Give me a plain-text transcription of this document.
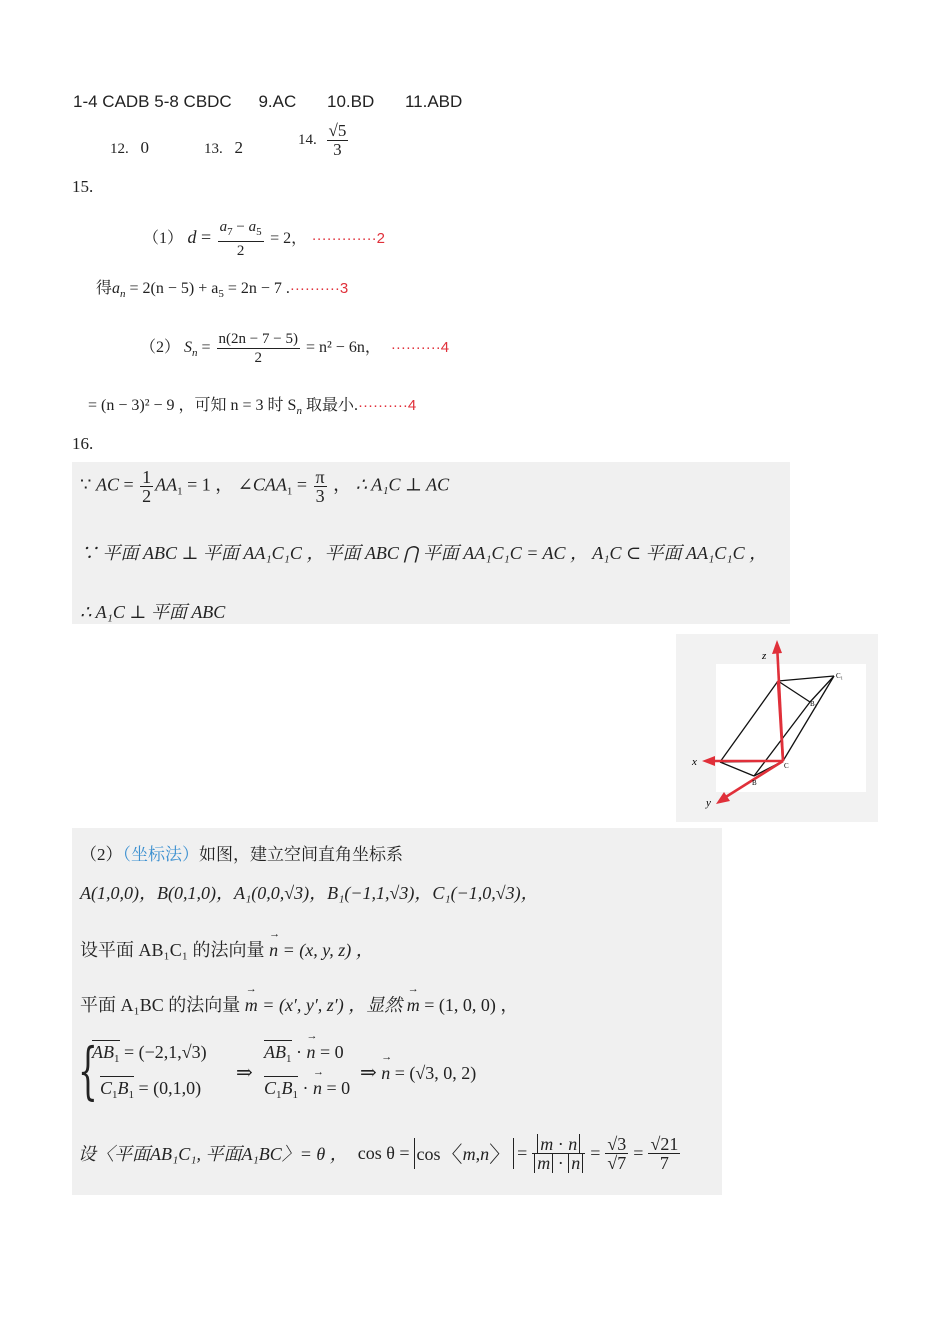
1-4 CADB 5-8 CBDC 9.AC 10.BD 11.ABD
12. 0	13. 2	14. $\frac{√5}{3}$
15.
（1） $d = \frac{a_7 - a_5}{2} = 2$， ·············2
得$a_n = 2(n - 5) + a_5 = 2n - 7$ .··········3
（2） $S_n = \frac{n(2n - 7 - 5)}{2} = n^2 - 6n$， ··········4
= (n − 3)² − 9 ，可知 n = 3 时 $S_n$ 取最小.··········4
16.
∵ AC = $\frac{1}{2} AA_1 = 1$ ， $\angle CAA_1 = \frac{\pi}{3}$ ， ∴ A₁C ⊥ AC
∵ 平面 ABC ⊥ 平面 AA₁C₁C ，平面 ABC ⋂ 平面 AA₁C₁C = AC ， A₁C ⊂ 平面 AA₁C₁C ，
∴ A₁C ⊥ 平面 ABC
z
x
y
C₁
B₁
C
B
（2）（坐标法）如图，建立空间直角坐标系
A(1,0,0)，B(0,1,0)，A₁(0,0,√3)，B₁(−1,1,√3)，C₁(−1,0,√3)，
设平面 AB₁C₁ 的法向量 n
→
= (x, y, z) ，
平面 A₁BC 的法向量 m
→
= (x′, y′, z′) ，显然 m
→
= (1, 0, 0) ，
{
$AB_1 = (-2,1,√3)$
$C_1B_1 = (0,1,0)$
⇒
$AB_1 \cdot n$
→
= 0
$C_1B_1 \cdot n$
→
= 0
⇒ n
→
= (√3, 0, 2)
设〈平面AB₁C₁, 平面A₁BC〉= θ ， cos θ = cos〈m,n〉 = $\frac{m \cdot n}{m \cdot n} = \frac{√3}{√7} = \frac{√21}{7}$
